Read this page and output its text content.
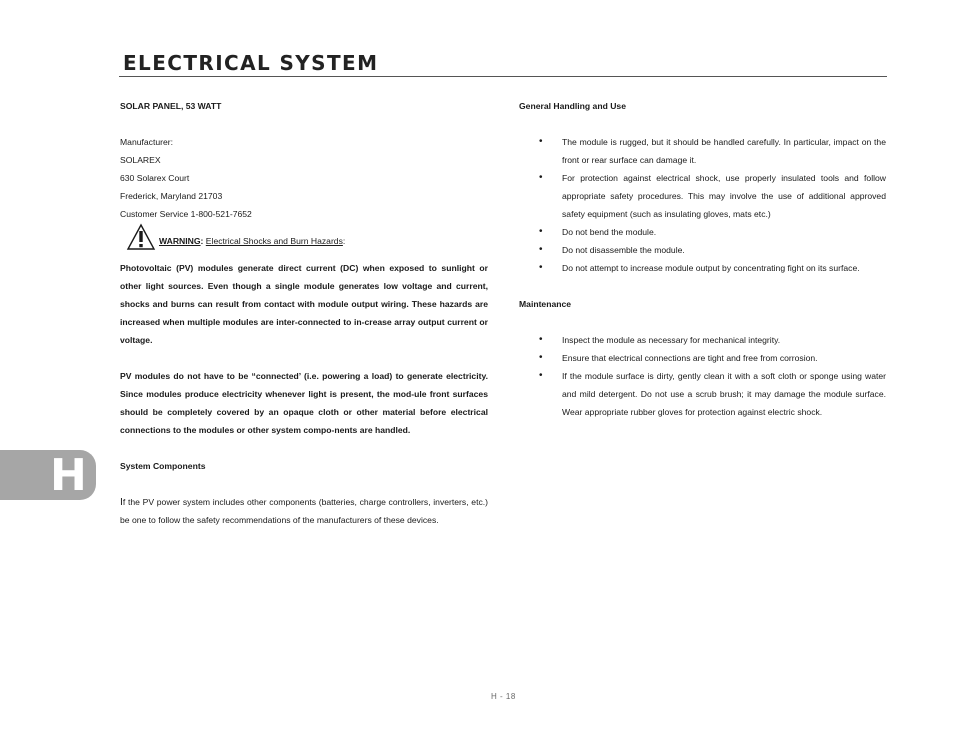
ELECTRICAL SYSTEM
SOLAR PANEL, 53 WATT
Manufacturer:
SOLAREX
630 Solarex Court
Frederick, Maryland 21703
Customer Service 1-800-521-7652
WARNING: Electrical Shocks and Burn Hazards:
Photovoltaic (PV) modules generate direct current (DC) when exposed to sunlight or other light sources. Even though a single module generates low voltage and current, shocks and burns can result from contact with module output wiring. These hazards are increased when multiple modules are inter-connected to in-crease array output current or voltage.
PV modules do not have to be “connected’ (i.e. powering a load) to generate electricity. Since modules produce electricity whenever light is present, the mod-ule front surfaces should be completely covered by an opaque cloth or other material before electrical connections to the modules or other system compo-nents are handled.
System Components
If the PV power system includes other components (batteries, charge controllers, inverters, etc.) be one to follow the safety recommendations of the manufacturers of these devices.
General Handling and Use
• The module is rugged, but it should be handled carefully. In particular, impact on the front or rear surface can damage it.
• For protection against electrical shock, use properly insulated tools and follow appropriate safety procedures. This may involve the use of additional approved safety equipment (such as insulating gloves, mats etc.)
• Do not bend the module.
• Do not disassemble the module.
• Do not attempt to increase module output by concentrating fight on its surface.
Maintenance
• Inspect the module as necessary for mechanical integrity.
• Ensure that electrical connections are tight and free from corrosion.
• If the module surface is dirty, gently clean it with a soft cloth or sponge using water and mild detergent. Do not use a scrub brush; it may damage the module surface. Wear appropriate rubber gloves for protection against electric shock.
H
H - 18
